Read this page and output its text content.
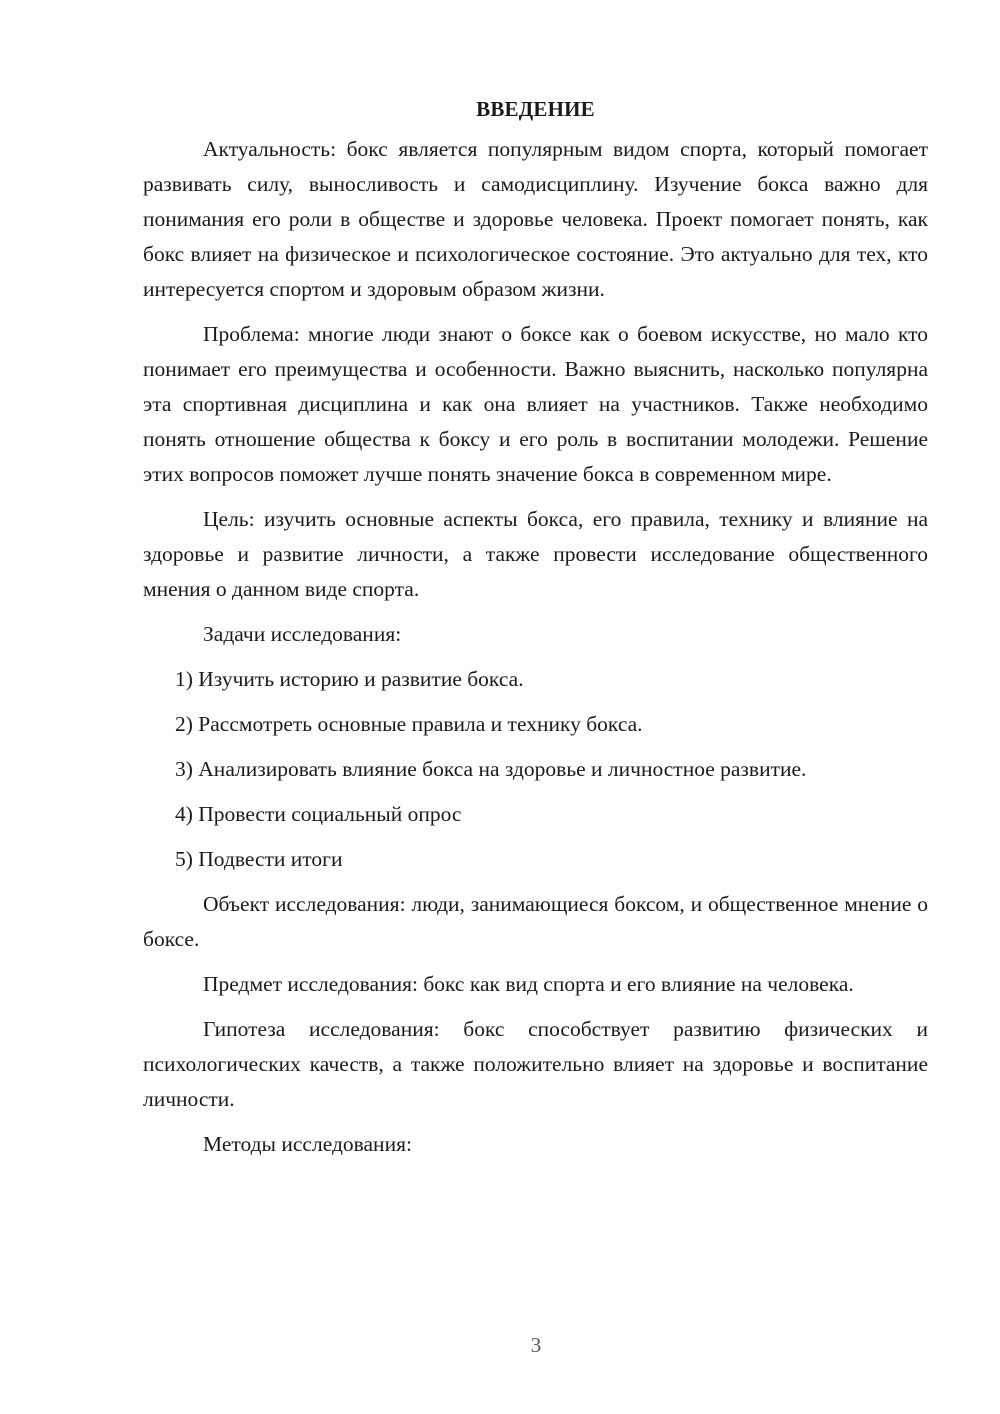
ВВЕДЕНИЕ

Актуальность: бокс является популярным видом спорта, который помогает развивать силу, выносливость и самодисциплину. Изучение бокса важно для понимания его роли в обществе и здоровье человека. Проект помогает понять, как бокс влияет на физическое и психологическое состояние. Это актуально для тех, кто интересуется спортом и здоровым образом жизни.

Проблема: многие люди знают о боксе как о боевом искусстве, но мало кто понимает его преимущества и особенности. Важно выяснить, насколько популярна эта спортивная дисциплина и как она влияет на участников. Также необходимо понять отношение общества к боксу и его роль в воспитании молодежи. Решение этих вопросов поможет лучше понять значение бокса в современном мире.

Цель: изучить основные аспекты бокса, его правила, технику и влияние на здоровье и развитие личности, а также провести исследование общественного мнения о данном виде спорта.

Задачи исследования:

1) Изучить историю и развитие бокса.

2) Рассмотреть основные правила и технику бокса.

3) Анализировать влияние бокса на здоровье и личностное развитие.

4) Провести социальный опрос

5) Подвести итоги

Объект исследования: люди, занимающиеся боксом, и общественное мнение о боксе.

Предмет исследования: бокс как вид спорта и его влияние на человека.

Гипотеза исследования: бокс способствует развитию физических и психологических качеств, а также положительно влияет на здоровье и воспитание личности.

Методы исследования:

3
